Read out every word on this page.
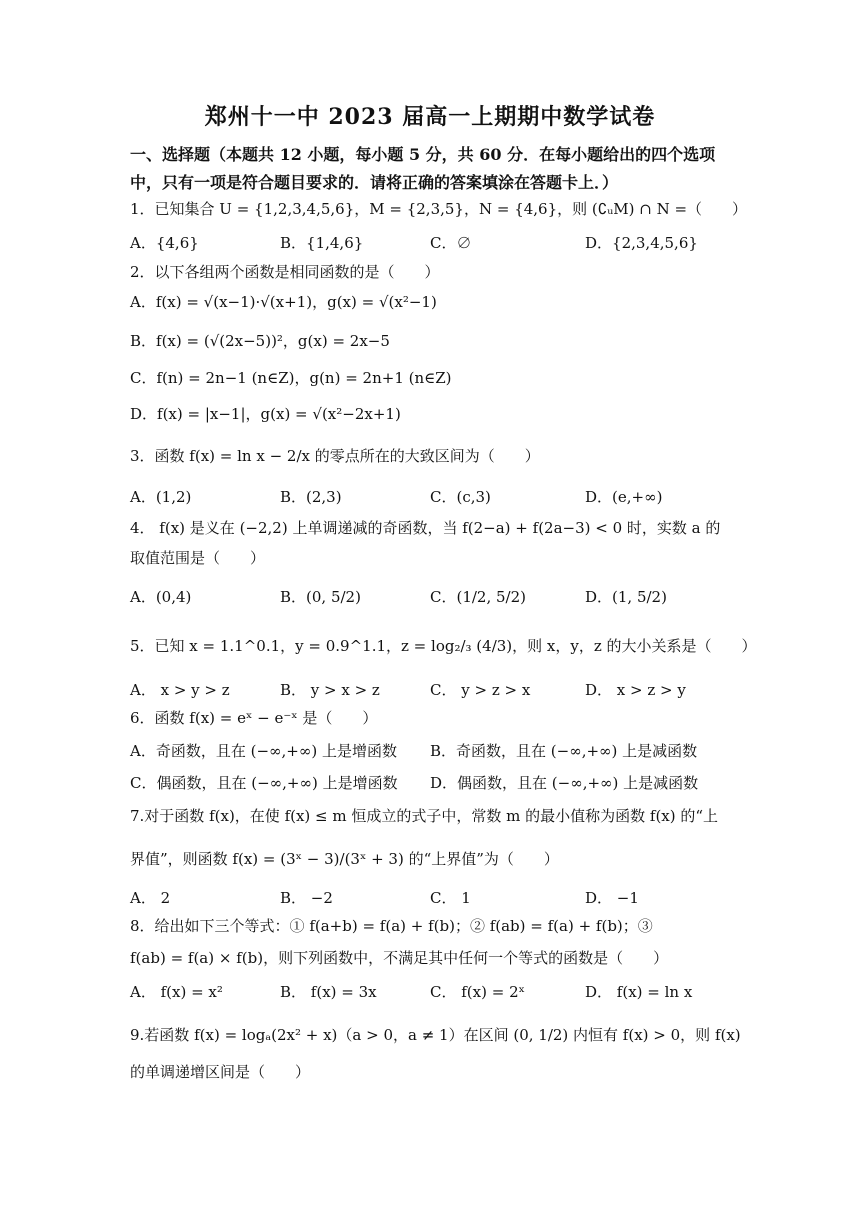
郑州十一中 2023 届高一上期期中数学试卷
一、选择题（本题共 12 小题，每小题 5 分，共 60 分．在每小题给出的四个选项中，只有一项是符合题目要求的．请将正确的答案填涂在答题卡上．）
1．已知集合 U = {1,2,3,4,5,6}，M = {2,3,5}，N = {4,6}，则 (∁ᵤM) ∩ N =（　　）
A．{4,6}	B．{1,4,6}	C．∅	D．{2,3,4,5,6}
2．以下各组两个函数是相同函数的是（　　）
A．f(x) = √(x−1)·√(x+1)，g(x) = √(x²−1)
B．f(x) = (√(2x−5))²，g(x) = 2x−5
C．f(n) = 2n−1 (n∈Z)，g(n) = 2n+1 (n∈Z)
D．f(x) = |x−1|，g(x) = √(x²−2x+1)
3．函数 f(x) = ln x − 2/x 的零点所在的大致区间为（　　）
A．(1,2)	B．(2,3)	C．(c,3)	D．(e,+∞)
4． f(x) 是义在 (−2,2) 上单调递减的奇函数，当 f(2−a) + f(2a−3) < 0 时，实数 a 的
取值范围是（　　）
A．(0,4)	B．(0, 5/2)	C．(1/2, 5/2)	D．(1, 5/2)
5．已知 x = 1.1^0.1，y = 0.9^1.1，z = log₂/₃ (4/3)，则 x，y，z 的大小关系是（　　）
A． x > y > z	B． y > x > z	C． y > z > x	D． x > z > y
6．函数 f(x) = eˣ − e⁻ˣ 是（　　）
A．奇函数，且在 (−∞,+∞) 上是增函数 B．奇函数，且在 (−∞,+∞) 上是减函数
C．偶函数，且在 (−∞,+∞) 上是增函数 D．偶函数，且在 (−∞,+∞) 上是减函数
7.对于函数 f(x)，在使 f(x) ≤ m 恒成立的式子中，常数 m 的最小值称为函数 f(x) 的“上
界值”，则函数 f(x) = (3ˣ − 3)/(3ˣ + 3) 的“上界值”为（　　）
A． 2	B． −2	C． 1	D． −1
8．给出如下三个等式：① f(a+b) = f(a) + f(b)；② f(ab) = f(a) + f(b)；③
f(ab) = f(a) × f(b)，则下列函数中，不满足其中任何一个等式的函数是（　　）
A． f(x) = x²	B． f(x) = 3x	C． f(x) = 2ˣ	D． f(x) = ln x
9.若函数 f(x) = logₐ(2x² + x)（a > 0，a ≠ 1）在区间 (0, 1/2) 内恒有 f(x) > 0，则 f(x)
的单调递增区间是（　　）
